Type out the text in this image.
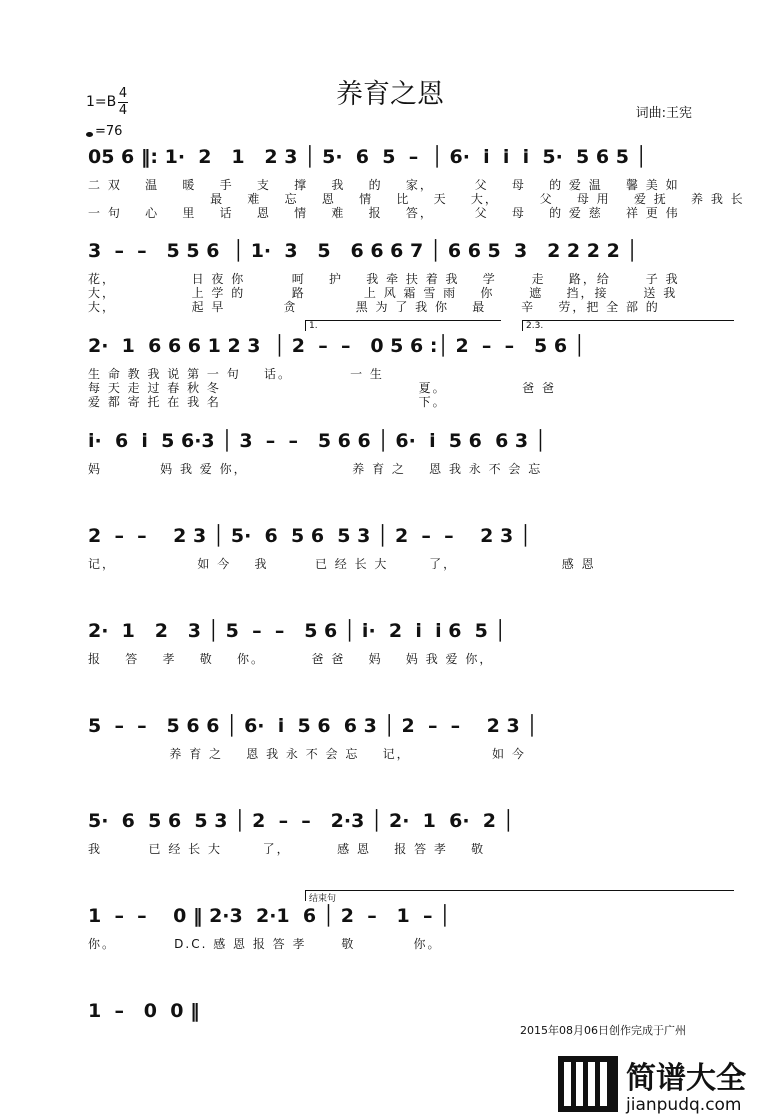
养育之恩
词曲:王宪
1=B
4
4
=76
05 6 ‖: 1·  2   1   2 3 │ 5·  6  5  –  │ 6·  i  i  i  5·  5 6 5 │
二 双    温    暖    手    支    撑    我    的    家，       父    母    的 爱 温    馨 美 如
最    难    忘    恩    情    比    天    大，       父    母 用    爱 抚    养 我 长
一 句    心    里    话    恩    情    难    报    答，       父    母    的 爱 慈    祥 更 伟
3  –  –   5 5 6  │ 1·  3   5   6 6 6 7 │ 6 6 5  3   2 2 2 2 │
花，             日 夜 你        呵    护    我 牵 扶 着 我    学      走    路，给      子 我
大，             上 学 的        路          上 风 霜 雪 雨    你      遮    挡，接      送 我
大，             起 早          贪          黑 为 了 我 你    最      辛    劳，把 全 部 的
2·  1  6 6 6 1 2 3  │ 2  –  –   0 5 6 :│ 2  –  –   5 6 │
生 命 教 我 说 第 一 句    话。          一 生
每 天 走 过 春 秋 冬                                  夏。             爸 爸
爱 都 寄 托 在 我 名                                  下。
i·  6  i  5 6·3 │ 3  –  –   5 6 6 │ 6·  i  5 6  6 3 │
妈          妈 我 爱 你，                  养 育 之    恩 我 永 不 会 忘
2  –  –    2 3 │ 5·  6  5 6  5 3 │ 2  –  –    2 3 │
记，              如 今    我        已 经 长 大       了，                  感 恩
2·  1   2   3 │ 5  –  –   5 6 │ i·  2  i  i 6  5 │
报    答    孝    敬    你。        爸 爸    妈    妈 我 爱 你，
5  –  –   5 6 6 │ 6·  i  5 6  6 3 │ 2  –  –    2 3 │
养 育 之    恩 我 永 不 会 忘    记，              如 今
5·  6  5 6  5 3 │ 2  –  –   2·3 │ 2·  1  6·  2 │
我        已 经 长 大       了，        感 恩    报 答 孝    敬
1  –  –    0 ‖ 2·3  2·1  6 │ 2  –   1  – │
你。          D.C. 感 恩 报 答 孝      敬          你。
1  –   0  0 ‖
1.	2.3.
结束句
2015年08月06日创作完成于广州
简谱大全
jianpudq.com
